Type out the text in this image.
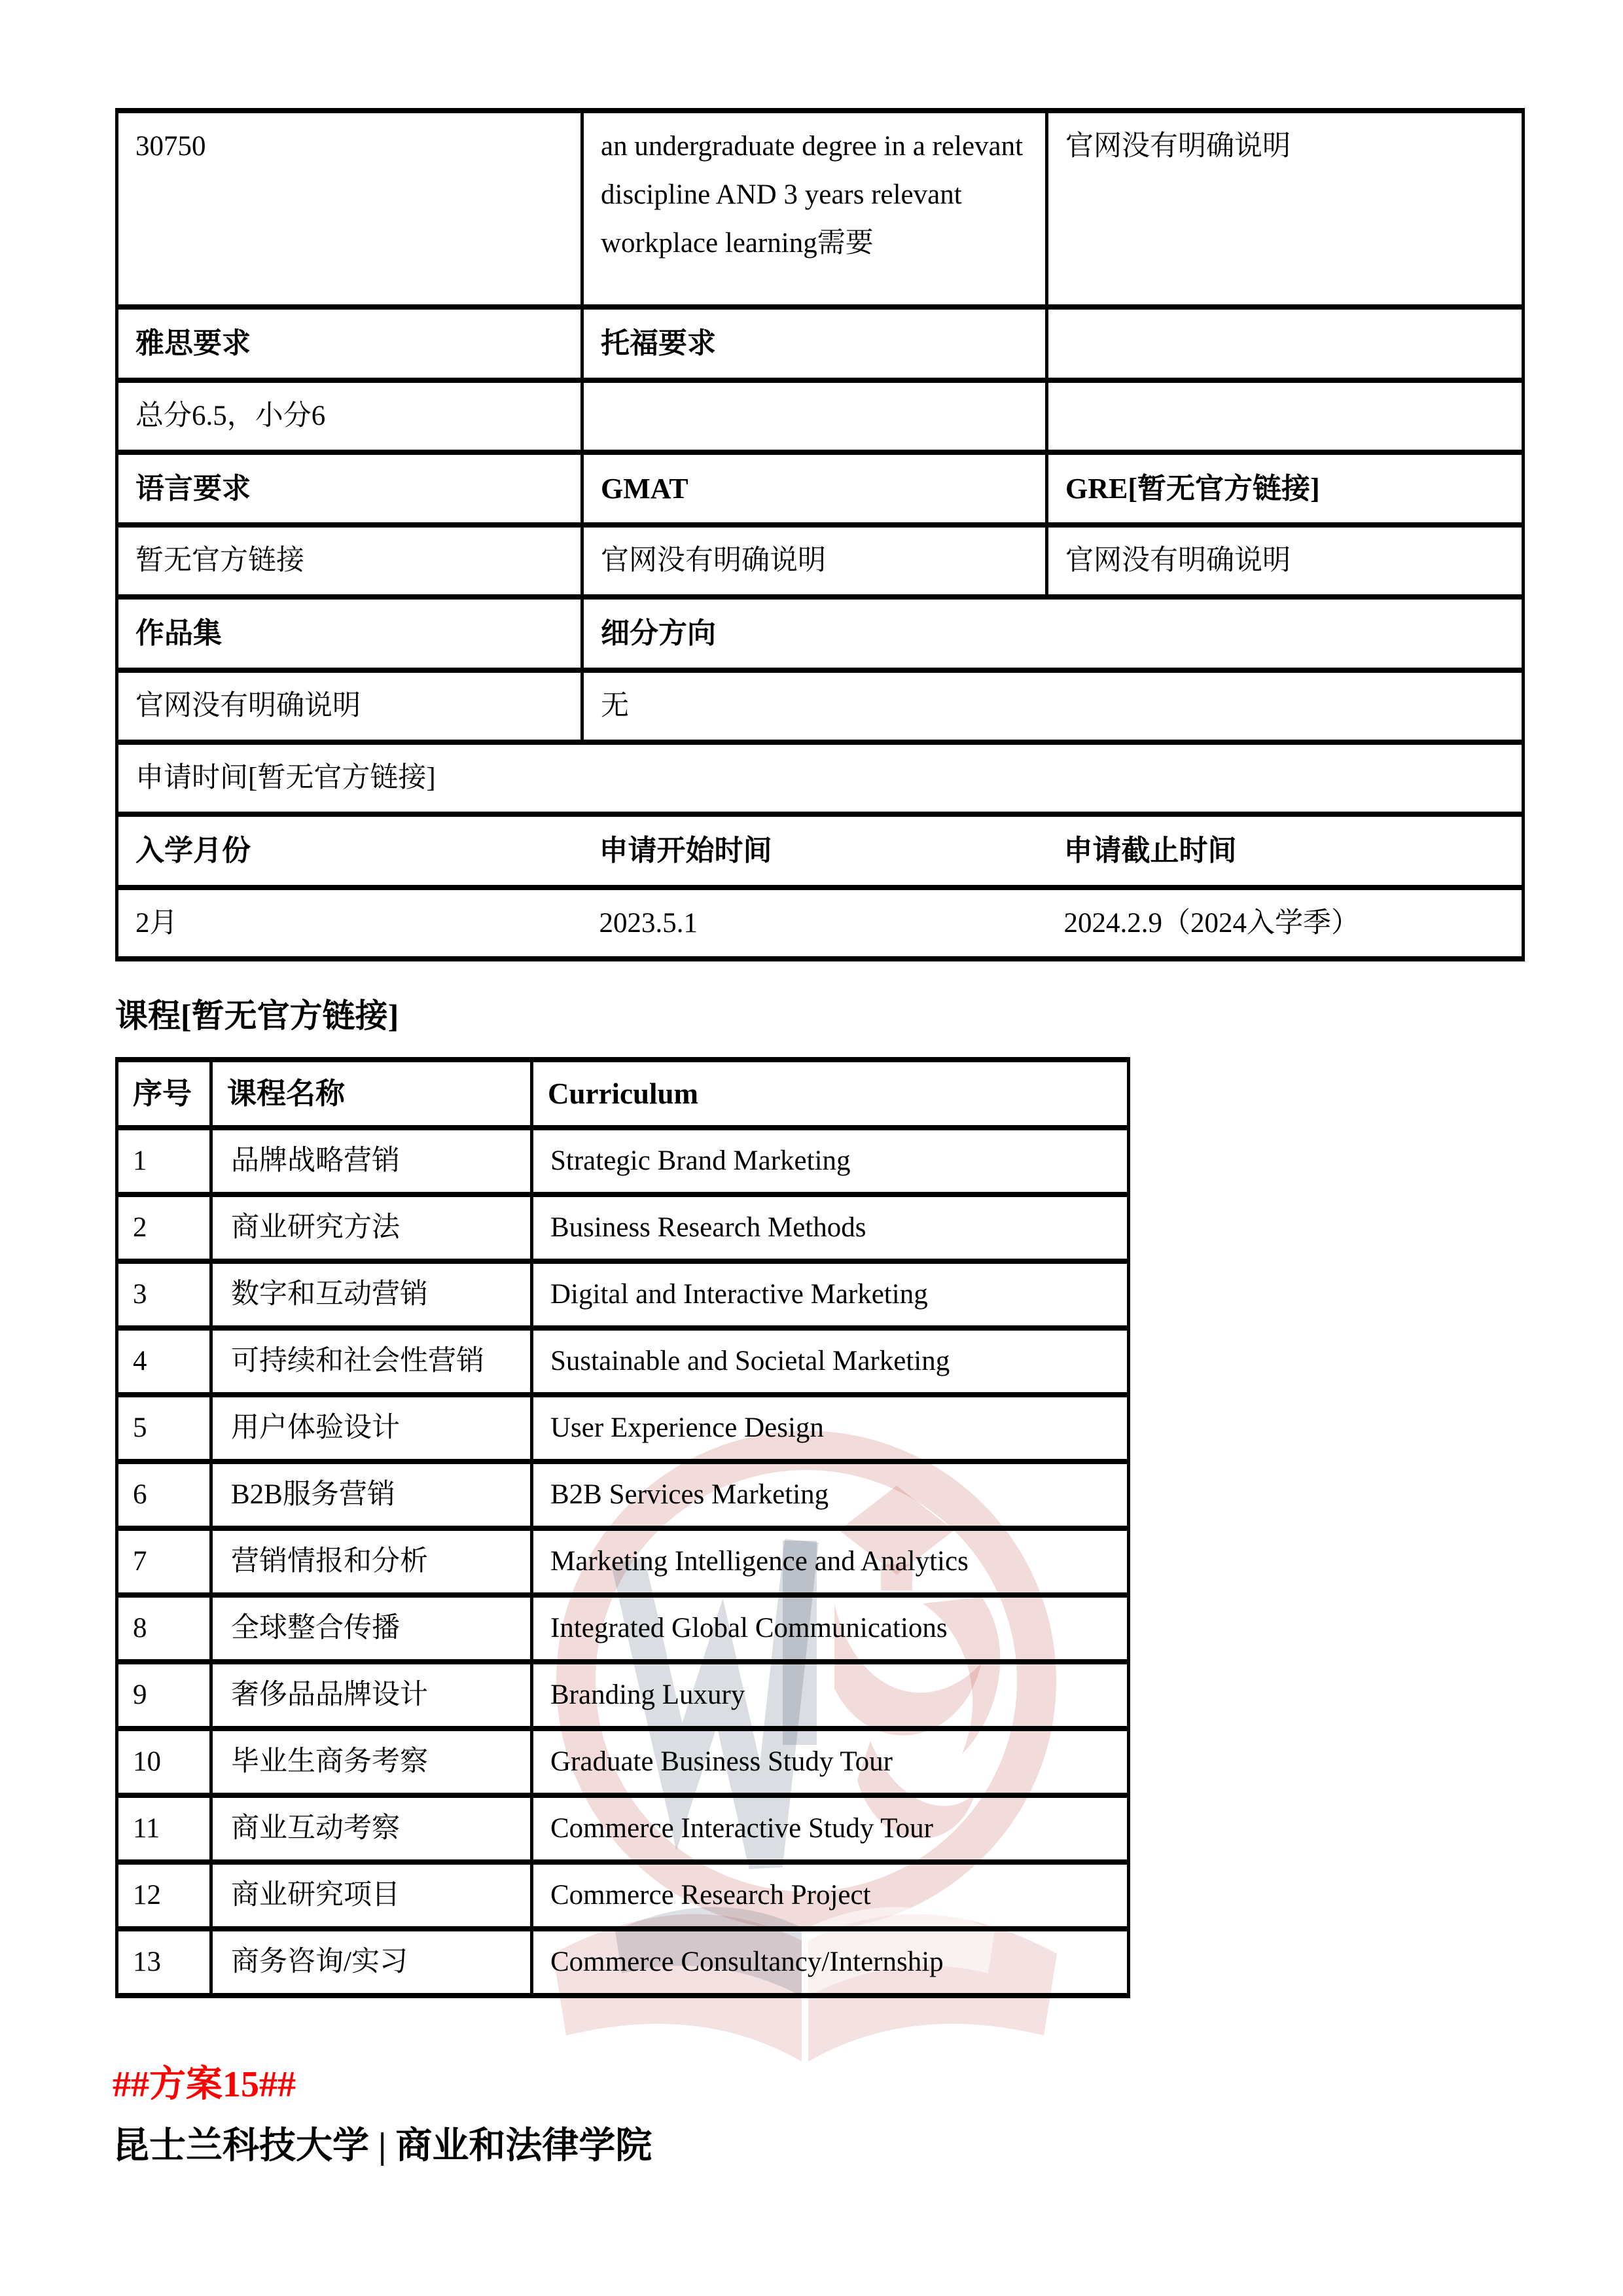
30750	an undergraduate degree in a relevant discipline AND 3 years relevant workplace learning需要	官网没有明确说明
雅思要求	托福要求	
总分6.5，小分6		
语言要求	GMAT	GRE[暂无官方链接]
暂无官方链接	官网没有明确说明	官网没有明确说明
作品集	细分方向	
官网没有明确说明	无	
申请时间[暂无官方链接]		
入学月份	申请开始时间	申请截止时间
2月	2023.5.1	2024.2.9（2024入学季）
课程[暂无官方链接]
序号	课程名称	Curriculum
1	品牌战略营销	Strategic Brand Marketing
2	商业研究方法	Business Research Methods
3	数字和互动营销	Digital and Interactive Marketing
4	可持续和社会性营销	Sustainable and Societal Marketing
5	用户体验设计	User Experience Design
6	B2B服务营销	B2B Services Marketing
7	营销情报和分析	Marketing Intelligence and Analytics
8	全球整合传播	Integrated Global Communications
9	奢侈品品牌设计	Branding Luxury
10	毕业生商务考察	Graduate Business Study Tour
11	商业互动考察	Commerce Interactive Study Tour
12	商业研究项目	Commerce Research Project
13	商务咨询/实习	Commerce Consultancy/Internship
##方案15##
昆士兰科技大学 | 商业和法律学院
